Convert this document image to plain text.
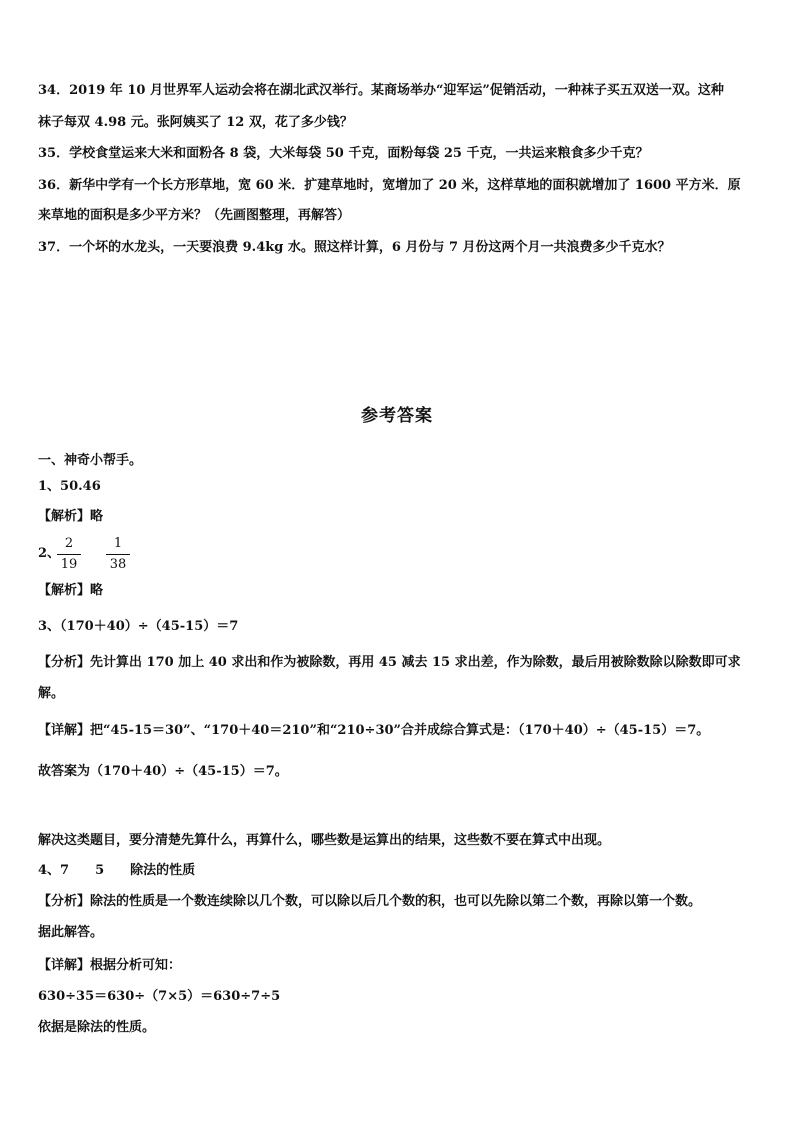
34．2019 年 10 月世界军人运动会将在湖北武汉举行。某商场举办“迎军运”促销活动，一种袜子买五双送一双。这种
袜子每双 4.98 元。张阿姨买了 12 双，花了多少钱？
35．学校食堂运来大米和面粉各 8 袋，大米每袋 50 千克，面粉每袋 25 千克，一共运来粮食多少千克？
36．新华中学有一个长方形草地，宽 60 米．扩建草地时，宽增加了 20 米，这样草地的面积就增加了 1600 平方米．原
来草地的面积是多少平方米？（先画图整理，再解答）
37．一个坏的水龙头，一天要浪费 9.4kg 水。照这样计算，6 月份与 7 月份这两个月一共浪费多少千克水？
参考答案
一、神奇小帮手。
1、50.46
【解析】略
2、
2
19
1
38
【解析】略
3、（170＋40）÷（45-15）＝7
【分析】先计算出 170 加上 40 求出和作为被除数，再用 45 减去 15 求出差，作为除数，最后用被除数除以除数即可求
解。
【详解】把“45-15＝30”、“170＋40＝210”和“210÷30”合并成综合算式是：（170＋40）÷（45-15）＝7。
故答案为（170＋40）÷（45-15）＝7。
解决这类题目，要分清楚先算什么，再算什么，哪些数是运算出的结果，这些数不要在算式中出现。
4、7　　5　　除法的性质
【分析】除法的性质是一个数连续除以几个数，可以除以后几个数的积，也可以先除以第二个数，再除以第一个数。
据此解答。
【详解】根据分析可知：
630÷35＝630÷（7×5）＝630÷7÷5
依据是除法的性质。
